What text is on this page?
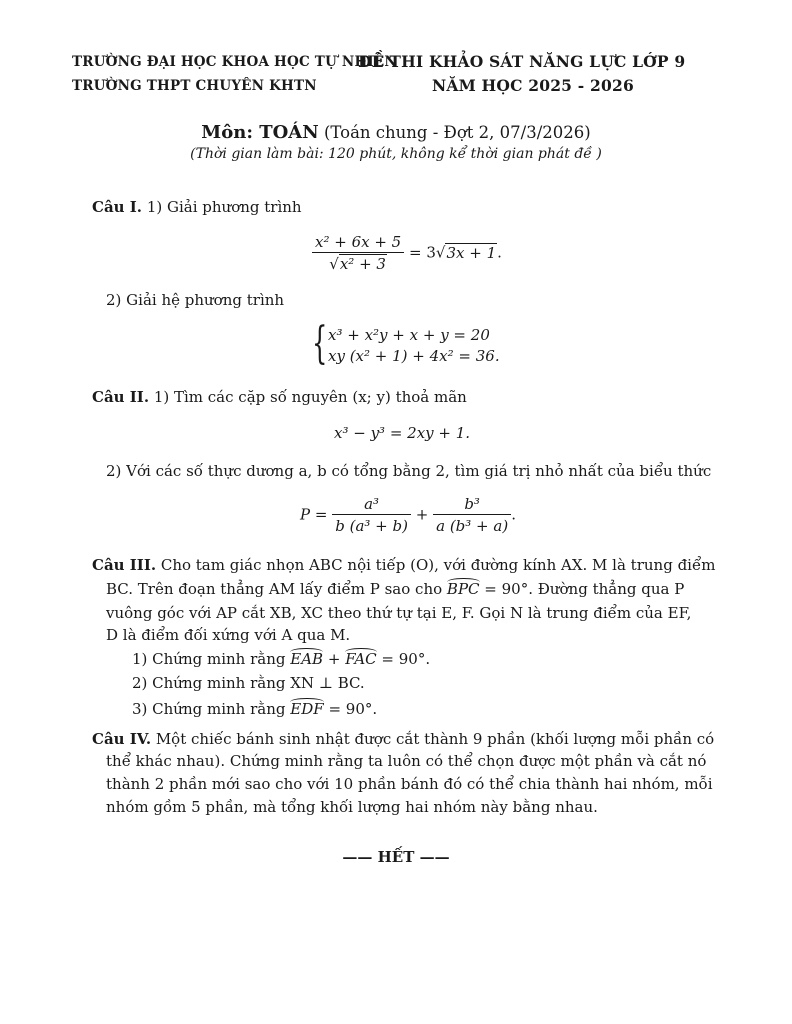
TRƯỜNG ĐẠI HỌC KHOA HỌC TỰ NHIÊN
TRƯỜNG THPT CHUYÊN KHTN
ĐỀ THI KHẢO SÁT NĂNG LỰC LỚP 9
NĂM HỌC 2025 - 2026
Môn: TOÁN (Toán chung - Đợt 2, 07/3/2026)
(Thời gian làm bài: 120 phút, không kể thời gian phát đề )
Câu I. 1) Giải phương trình
$\frac{\text{x² + 6x + 5}}{\text{√x² + 3}} = 3√3x + 1$.
2) Giải hệ phương trình
{ x³ + x²y + x + y = 20
xy (x² + 1) + 4x² = 36.
Câu II. 1) Tìm các cặp số nguyên (x; y) thoả mãn
x³ − y³ = 2xy + 1.
2) Với các số thực dương a, b có tổng bằng 2, tìm giá trị nhỏ nhất của biểu thức
$P = \frac{\text{a³}}{\text{b (a³ + b)}} + \frac{\text{b³}}{\text{a (b³ + a)}}$ .
Câu III. Cho tam giác nhọn ABC nội tiếp (O), với đường kính AX. M là trung điểm
BC. Trên đoạn thẳng AM lấy điểm P sao cho BPC = 90°. Đường thẳng qua P
vuông góc với AP cắt XB, XC theo thứ tự tại E, F. Gọi N là trung điểm của EF,
D là điểm đối xứng với A qua M.
1) Chứng minh rằng EAB + FAC = 90°.
2) Chứng minh rằng XN ⊥ BC.
3) Chứng minh rằng EDF = 90°.
Câu IV. Một chiếc bánh sinh nhật được cắt thành 9 phần (khối lượng mỗi phần có
thể khác nhau). Chứng minh rằng ta luôn có thể chọn được một phần và cắt nó
thành 2 phần mới sao cho với 10 phần bánh đó có thể chia thành hai nhóm, mỗi
nhóm gồm 5 phần, mà tổng khối lượng hai nhóm này bằng nhau.
—— HẾT ——
